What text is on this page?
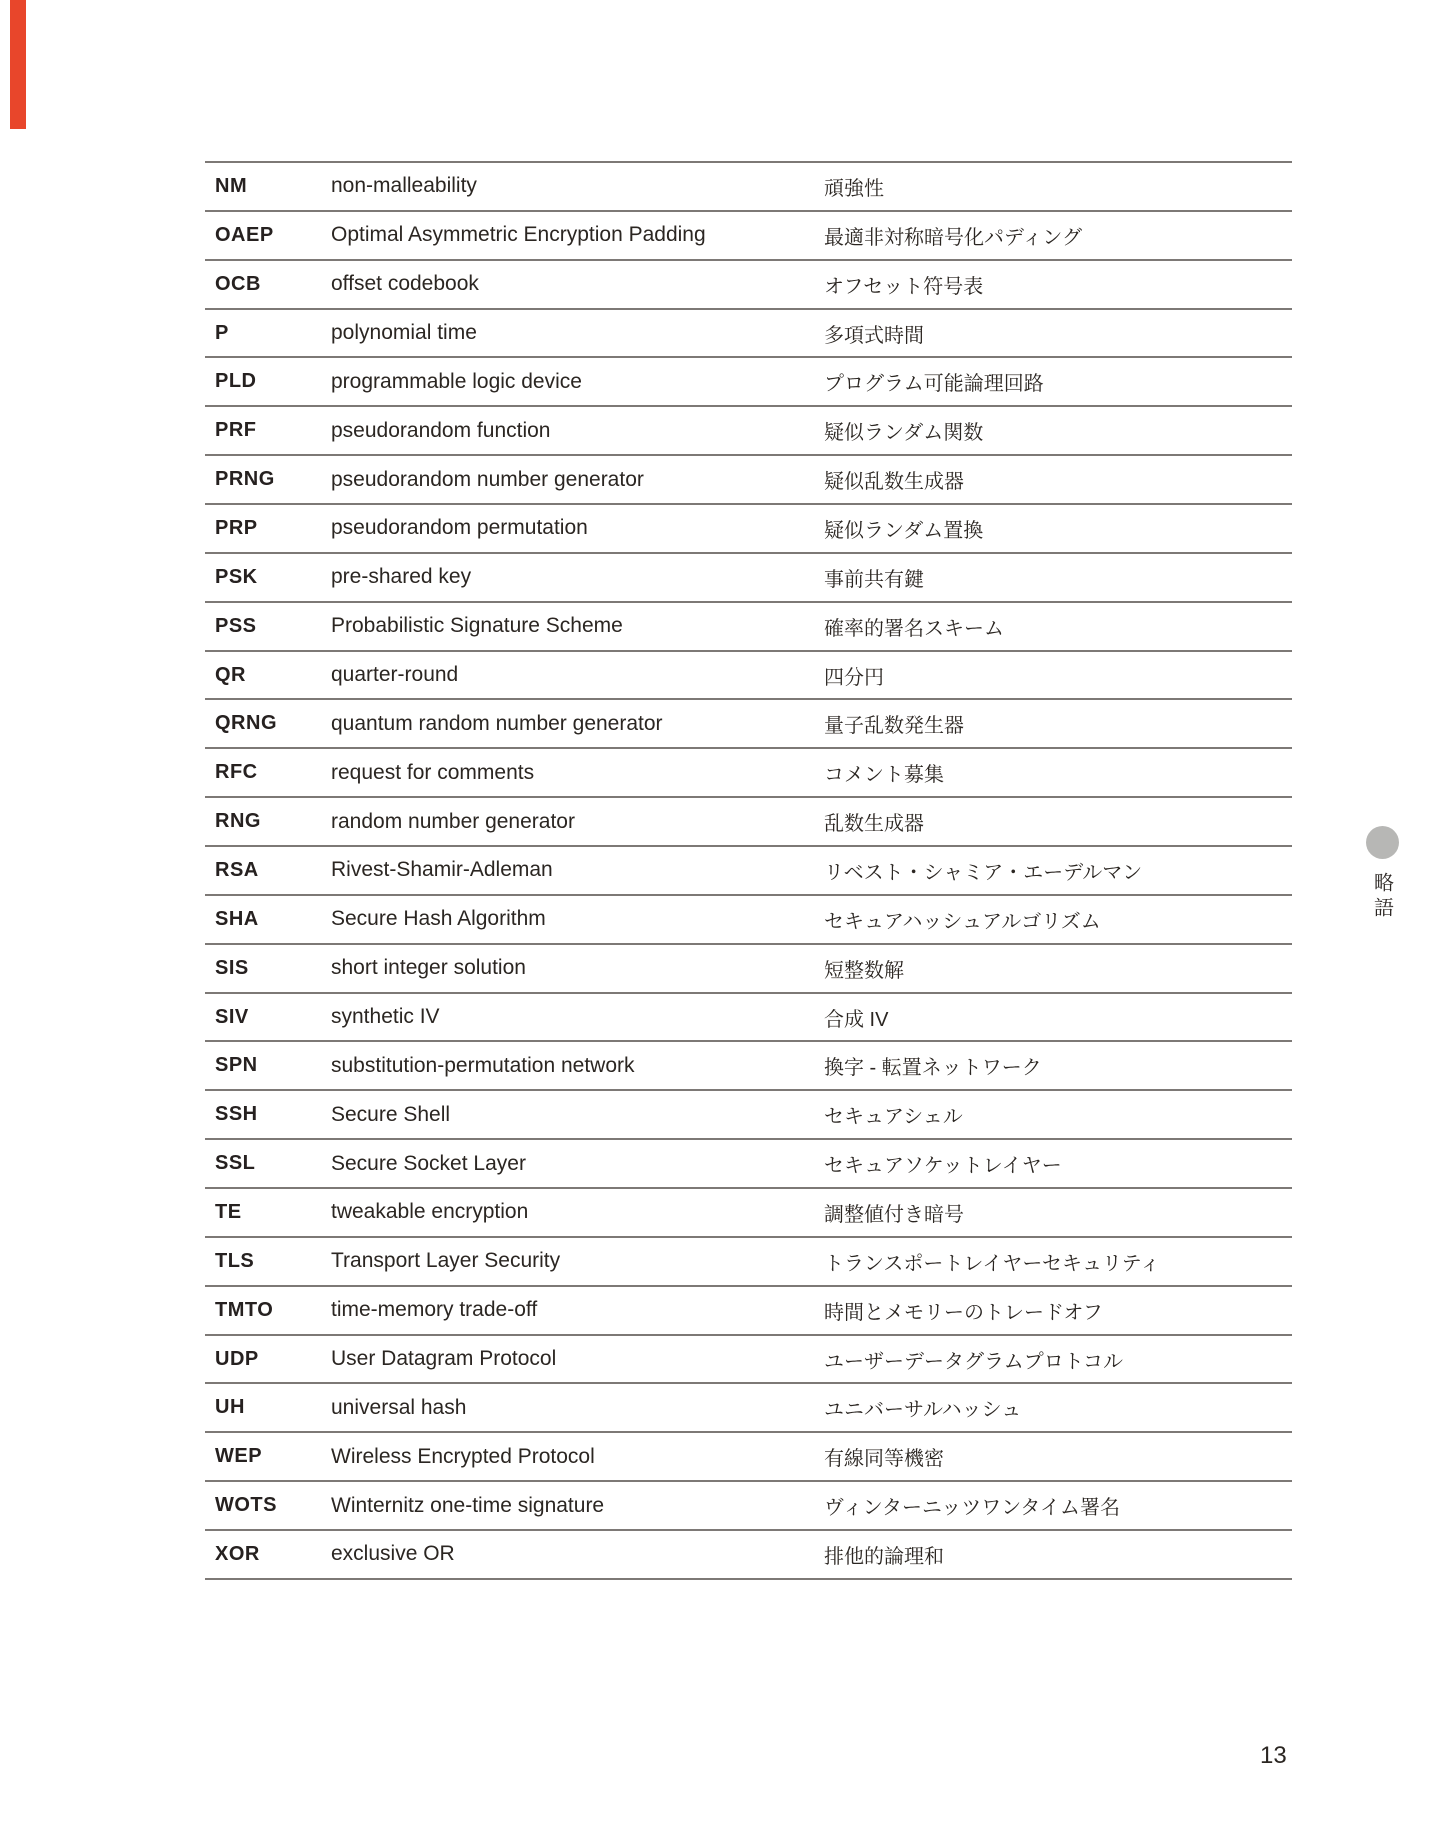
NM	non-malleability	頑強性
OAEP	Optimal Asymmetric Encryption Padding	最適非対称暗号化パディング
OCB	offset codebook	オフセット符号表
P	polynomial time	多項式時間
PLD	programmable logic device	プログラム可能論理回路
PRF	pseudorandom function	疑似ランダム関数
PRNG	pseudorandom number generator	疑似乱数生成器
PRP	pseudorandom permutation	疑似ランダム置換
PSK	pre-shared key	事前共有鍵
PSS	Probabilistic Signature Scheme	確率的署名スキーム
QR	quarter-round	四分円
QRNG	quantum random number generator	量子乱数発生器
RFC	request for comments	コメント募集
RNG	random number generator	乱数生成器
RSA	Rivest-Shamir-Adleman	リベスト・シャミア・エーデルマン
SHA	Secure Hash Algorithm	セキュアハッシュアルゴリズム
SIS	short integer solution	短整数解
SIV	synthetic IV	合成 IV
SPN	substitution-permutation network	換字 - 転置ネットワーク
SSH	Secure Shell	セキュアシェル
SSL	Secure Socket Layer	セキュアソケットレイヤー
TE	tweakable encryption	調整値付き暗号
TLS	Transport Layer Security	トランスポートレイヤーセキュリティ
TMTO	time-memory trade-off	時間とメモリーのトレードオフ
UDP	User Datagram Protocol	ユーザーデータグラムプロトコル
UH	universal hash	ユニバーサルハッシュ
WEP	Wireless Encrypted Protocol	有線同等機密
WOTS	Winternitz one-time signature	ヴィンターニッツワンタイム署名
XOR	exclusive OR	排他的論理和
略語
13
